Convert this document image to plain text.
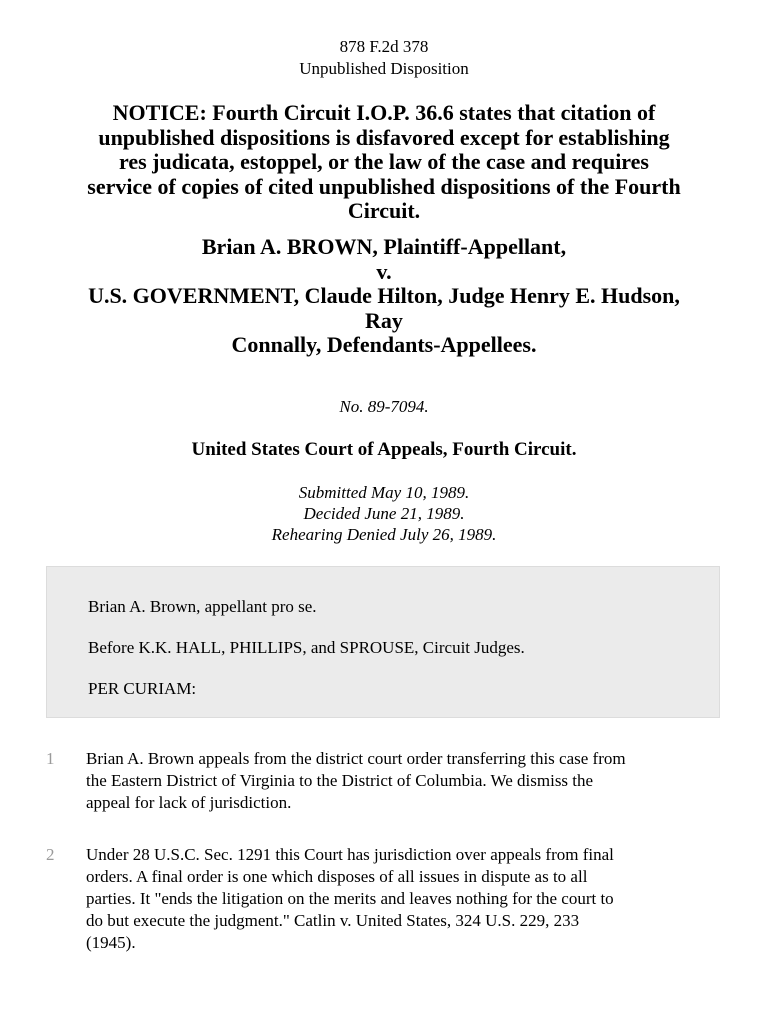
878 F.2d 378
Unpublished Disposition
NOTICE: Fourth Circuit I.O.P. 36.6 states that citation of
unpublished dispositions is disfavored except for establishing
res judicata, estoppel, or the law of the case and requires
service of copies of cited unpublished dispositions of the Fourth
Circuit.
Brian A. BROWN, Plaintiff-Appellant,
v.
U.S. GOVERNMENT, Claude Hilton, Judge Henry E. Hudson,
Ray
Connally, Defendants-Appellees.
No. 89-7094.
United States Court of Appeals, Fourth Circuit.
Submitted May 10, 1989.
Decided June 21, 1989.
Rehearing Denied July 26, 1989.
Brian A. Brown, appellant pro se.
Before K.K. HALL, PHILLIPS, and SPROUSE, Circuit Judges.
PER CURIAM:
1 Brian A. Brown appeals from the district court order transferring this case from
the Eastern District of Virginia to the District of Columbia. We dismiss the
appeal for lack of jurisdiction.
2 Under 28 U.S.C. Sec. 1291 this Court has jurisdiction over appeals from final
orders. A final order is one which disposes of all issues in dispute as to all
parties. It "ends the litigation on the merits and leaves nothing for the court to
do but execute the judgment." Catlin v. United States, 324 U.S. 229, 233
(1945).
